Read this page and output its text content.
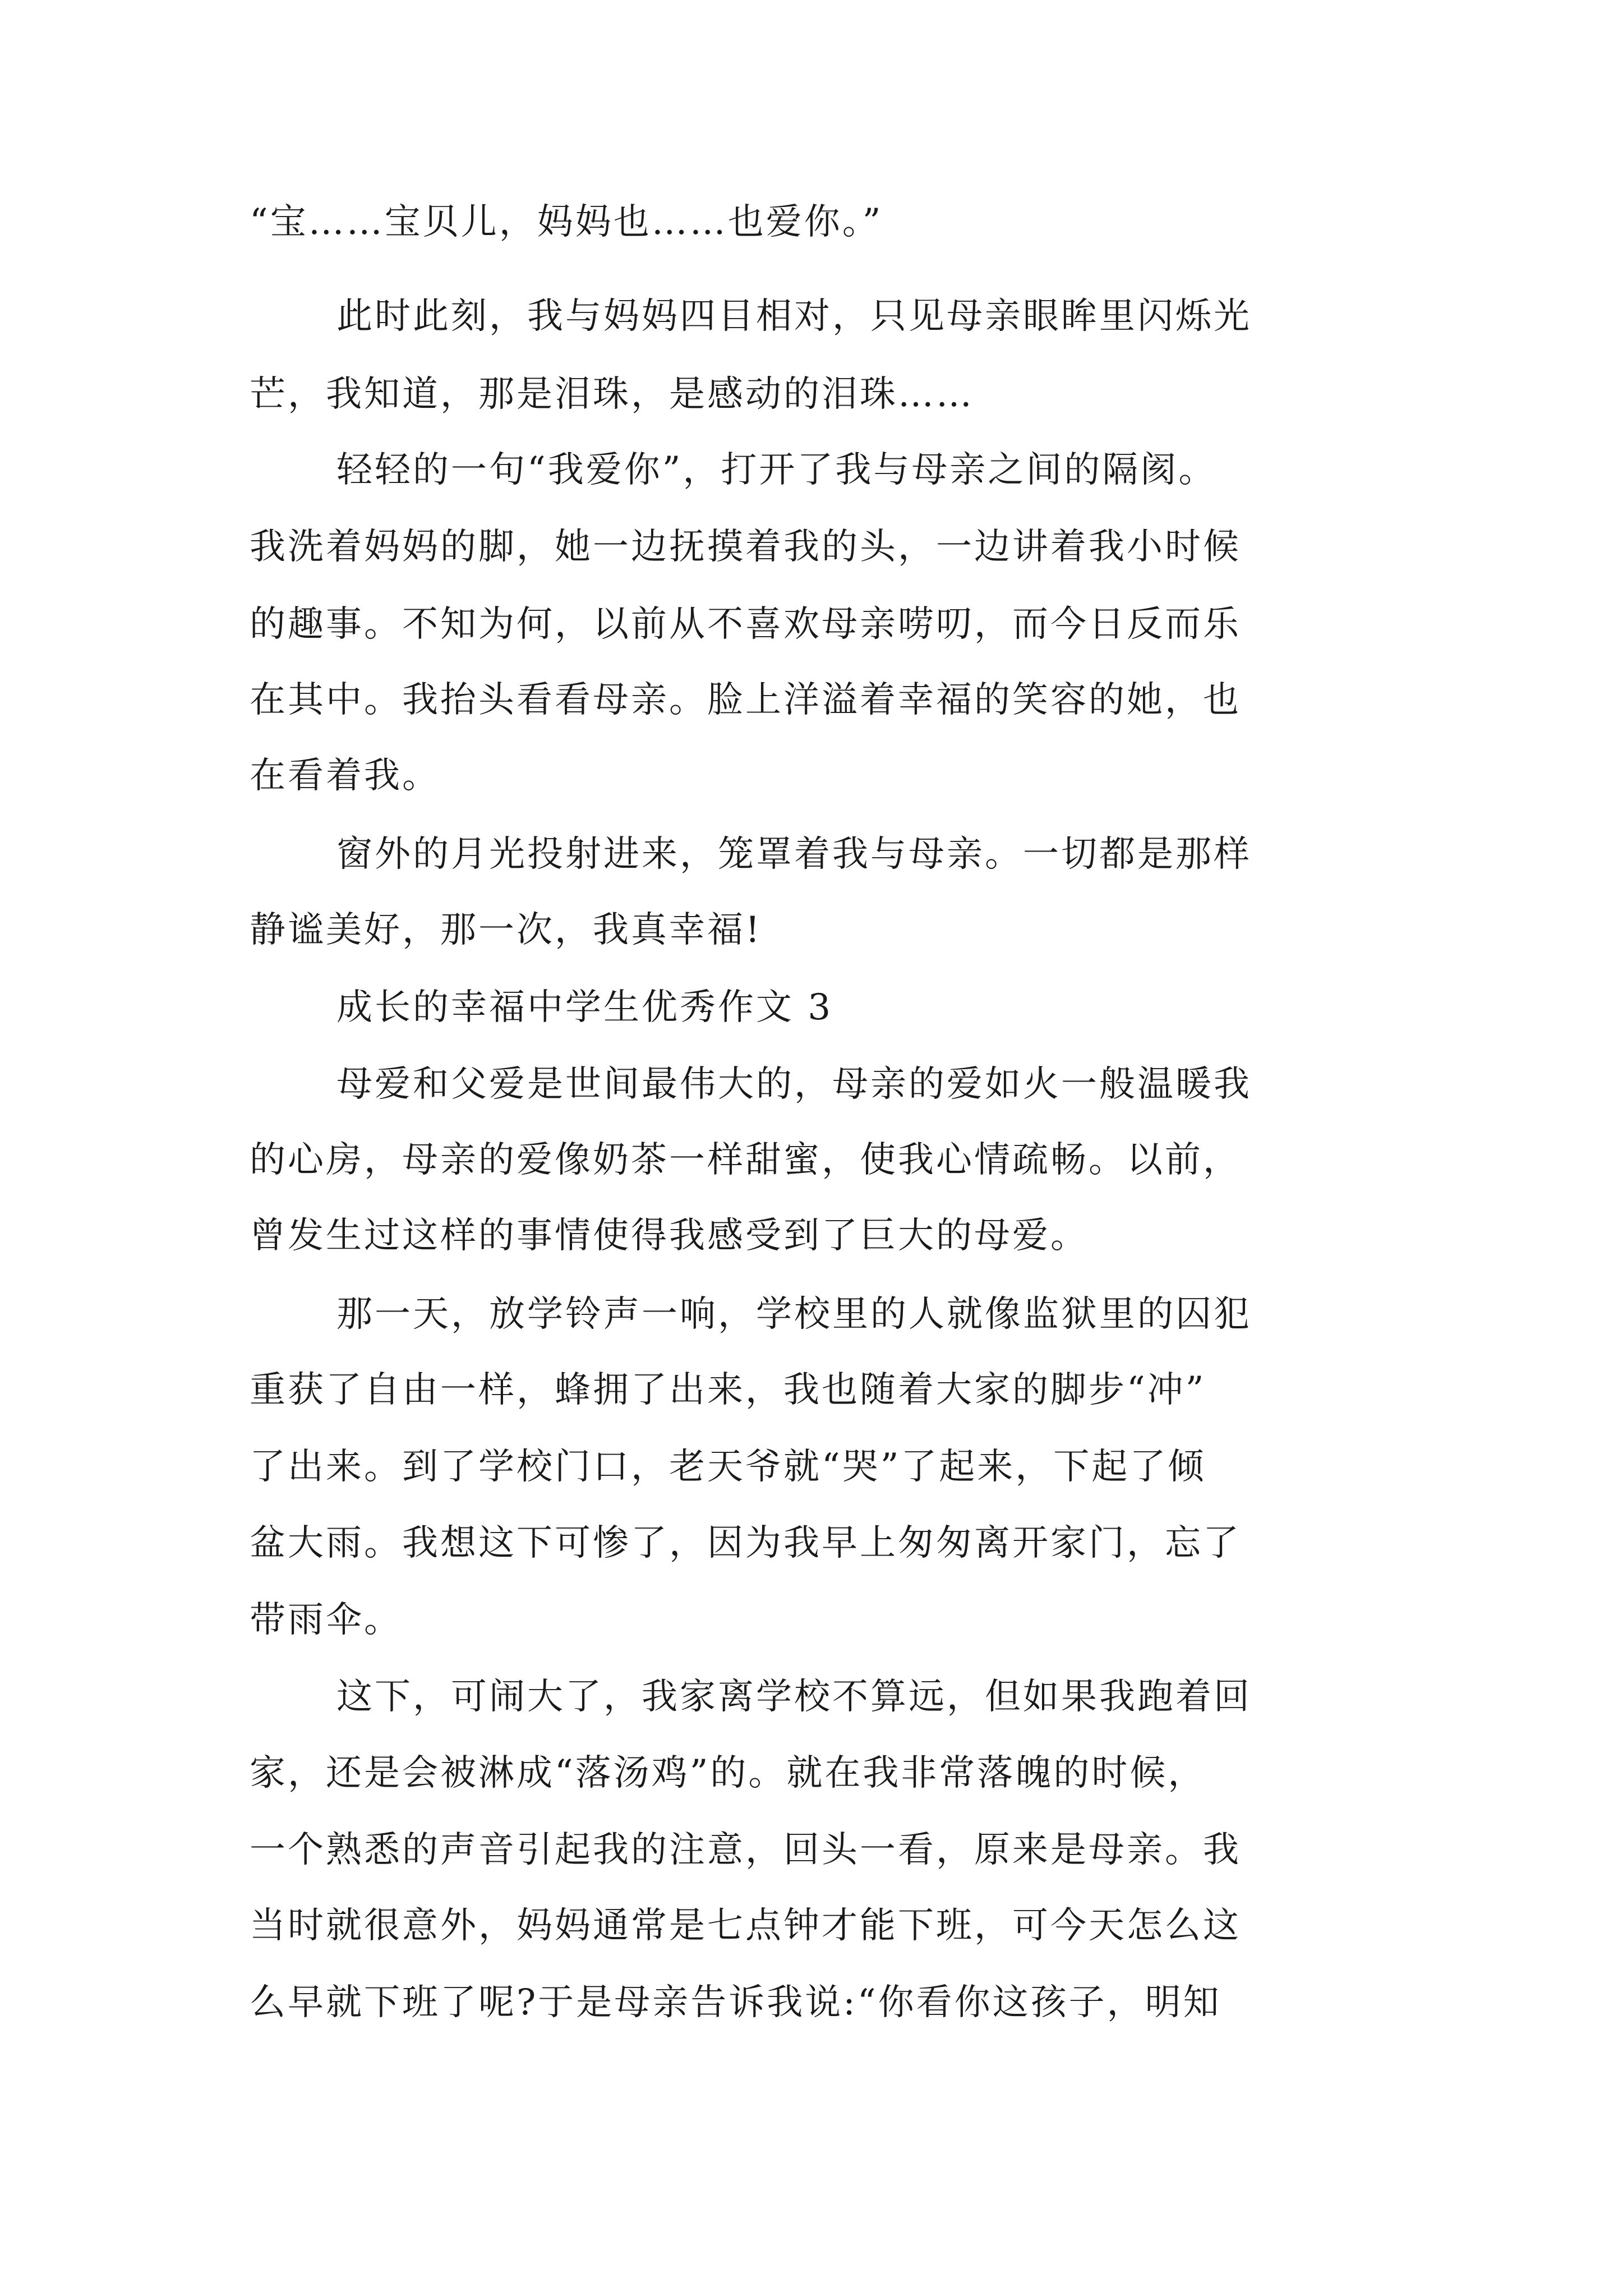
“宝……宝贝儿，妈妈也……也爱你。”
此时此刻，我与妈妈四目相对，只见母亲眼眸里闪烁光
芒，我知道，那是泪珠，是感动的泪珠……
轻轻的一句“我爱你”，打开了我与母亲之间的隔阂。
我洗着妈妈的脚，她一边抚摸着我的头，一边讲着我小时候
的趣事。不知为何，以前从不喜欢母亲唠叨，而今日反而乐
在其中。我抬头看看母亲。脸上洋溢着幸福的笑容的她，也
在看着我。
窗外的月光投射进来，笼罩着我与母亲。一切都是那样
静谧美好，那一次，我真幸福!
成长的幸福中学生优秀作文 3
母爱和父爱是世间最伟大的，母亲的爱如火一般温暖我
的心房，母亲的爱像奶茶一样甜蜜，使我心情疏畅。以前，
曾发生过这样的事情使得我感受到了巨大的母爱。
那一天，放学铃声一响，学校里的人就像监狱里的囚犯
重获了自由一样，蜂拥了出来，我也随着大家的脚步“冲”
了出来。到了学校门口，老天爷就“哭”了起来，下起了倾
盆大雨。我想这下可惨了，因为我早上匆匆离开家门，忘了
带雨伞。
这下，可闹大了，我家离学校不算远，但如果我跑着回
家，还是会被淋成“落汤鸡”的。就在我非常落魄的时候，
一个熟悉的声音引起我的注意，回头一看，原来是母亲。我
当时就很意外，妈妈通常是七点钟才能下班，可今天怎么这
么早就下班了呢?于是母亲告诉我说:“你看你这孩子，明知
